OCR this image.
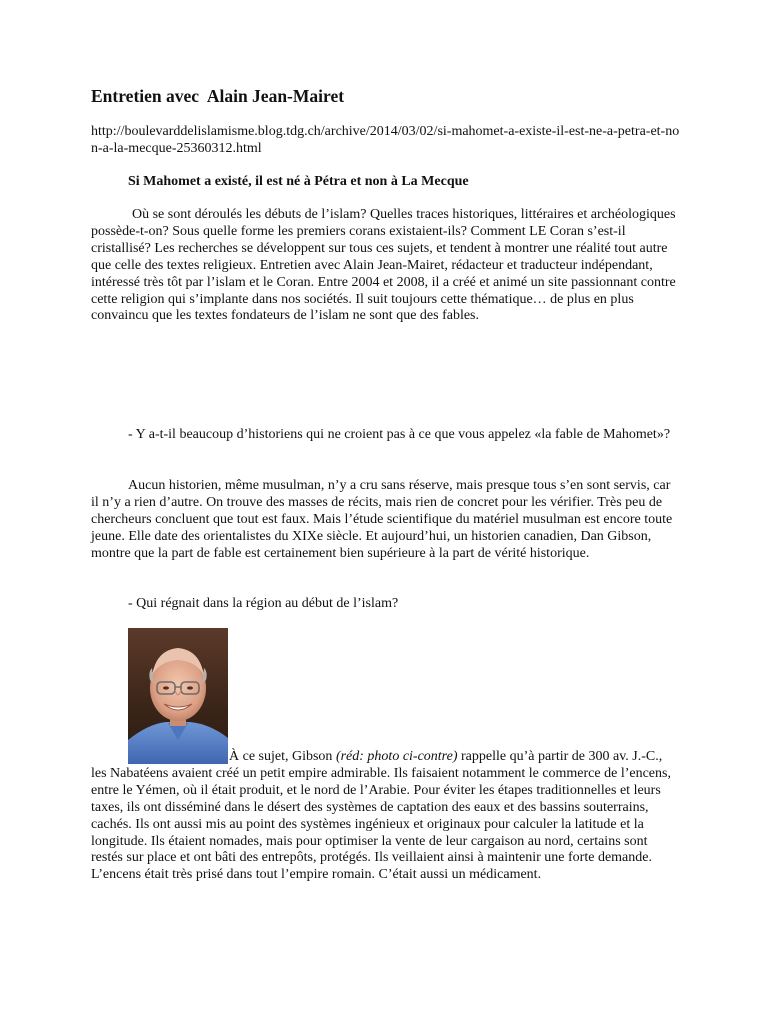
Entretien avec  Alain Jean-Mairet

http://boulevarddelislamisme.blog.tdg.ch/archive/2014/03/02/si-mahomet-a-existe-il-est-ne-a-petra-et-non-a-la-mecque-25360312.html

Si Mahomet a existé, il est né à Pétra et non à La Mecque

Où se sont déroulés les débuts de l’islam? Quelles traces historiques, littéraires et archéologiques possède-t-on? Sous quelle forme les premiers corans existaient-ils? Comment LE Coran s’est-il cristallisé? Les recherches se développent sur tous ces sujets, et tendent à montrer une réalité tout autre que celle des textes religieux. Entretien avec Alain Jean-Mairet, rédacteur et traducteur indépendant, intéressé très tôt par l’islam et le Coran. Entre 2004 et 2008, il a créé et animé un site passionnant contre cette religion qui s’implante dans nos sociétés. Il suit toujours cette thématique… de plus en plus convaincu que les textes fondateurs de l’islam ne sont que des fables.

- Y a-t-il beaucoup d’historiens qui ne croient pas à ce que vous appelez «la fable de Mahomet»?

Aucun historien, même musulman, n’y a cru sans réserve, mais presque tous s’en sont servis, car il n’y a rien d’autre. On trouve des masses de récits, mais rien de concret pour les vérifier. Très peu de chercheurs concluent que tout est faux. Mais l’étude scientifique du matériel musulman est encore toute jeune. Elle date des orientalistes du XIXe siècle. Et aujourd’hui, un historien canadien, Dan Gibson, montre que la part de fable est certainement bien supérieure à la part de vérité historique.

- Qui régnait dans la région au début de l’islam?

À ce sujet, Gibson (réd: photo ci-contre) rappelle qu’à partir de 300 av. J.-C., les Nabatéens avaient créé un petit empire admirable. Ils faisaient notamment le commerce de l’encens, entre le Yémen, où il était produit, et le nord de l’Arabie. Pour éviter les étapes traditionnelles et leurs taxes, ils ont disséminé dans le désert des systèmes de captation des eaux et des bassins souterrains, cachés. Ils ont aussi mis au point des systèmes ingénieux et originaux pour calculer la latitude et la longitude. Ils étaient nomades, mais pour optimiser la vente de leur cargaison au nord, certains sont restés sur place et ont bâti des entrepôts, protégés. Ils veillaient ainsi à maintenir une forte demande. L’encens était très prisé dans tout l’empire romain. C’était aussi un médicament.
